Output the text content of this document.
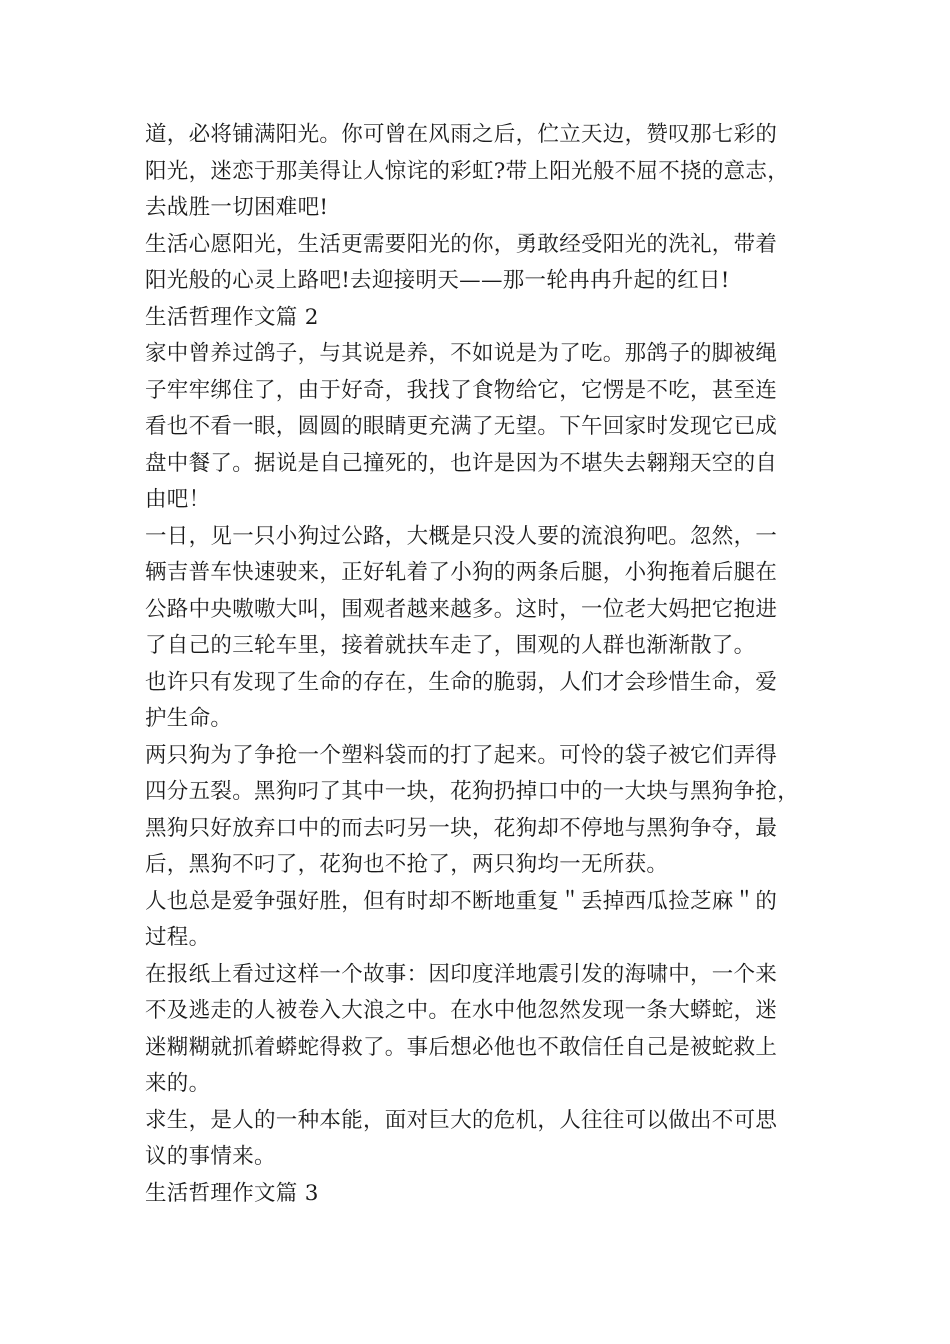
道，必将铺满阳光。你可曾在风雨之后，伫立天边，赞叹那七彩的
阳光，迷恋于那美得让人惊诧的彩虹?带上阳光般不屈不挠的意志，
去战胜一切困难吧!
生活心愿阳光，生活更需要阳光的你，勇敢经受阳光的洗礼，带着
阳光般的心灵上路吧!去迎接明天——那一轮冉冉升起的红日!
生活哲理作文篇 2
家中曾养过鸽子，与其说是养，不如说是为了吃。那鸽子的脚被绳
子牢牢绑住了，由于好奇，我找了食物给它，它愣是不吃，甚至连
看也不看一眼，圆圆的眼睛更充满了无望。下午回家时发现它已成
盘中餐了。据说是自己撞死的，也许是因为不堪失去翱翔天空的自
由吧！
一日，见一只小狗过公路，大概是只没人要的流浪狗吧。忽然，一
辆吉普车快速驶来，正好轧着了小狗的两条后腿，小狗拖着后腿在
公路中央嗷嗷大叫，围观者越来越多。这时，一位老大妈把它抱进
了自己的三轮车里，接着就扶车走了，围观的人群也渐渐散了。
也许只有发现了生命的存在，生命的脆弱，人们才会珍惜生命，爱
护生命。
两只狗为了争抢一个塑料袋而的打了起来。可怜的袋子被它们弄得
四分五裂。黑狗叼了其中一块，花狗扔掉口中的一大块与黑狗争抢，
黑狗只好放弃口中的而去叼另一块，花狗却不停地与黑狗争夺，最
后，黑狗不叼了，花狗也不抢了，两只狗均一无所获。
人也总是爱争强好胜，但有时却不断地重复＂丢掉西瓜捡芝麻＂的
过程。
在报纸上看过这样一个故事：因印度洋地震引发的海啸中，一个来
不及逃走的人被卷入大浪之中。在水中他忽然发现一条大蟒蛇，迷
迷糊糊就抓着蟒蛇得救了。事后想必他也不敢信任自己是被蛇救上
来的。
求生，是人的一种本能，面对巨大的危机，人往往可以做出不可思
议的事情来。
生活哲理作文篇 3
